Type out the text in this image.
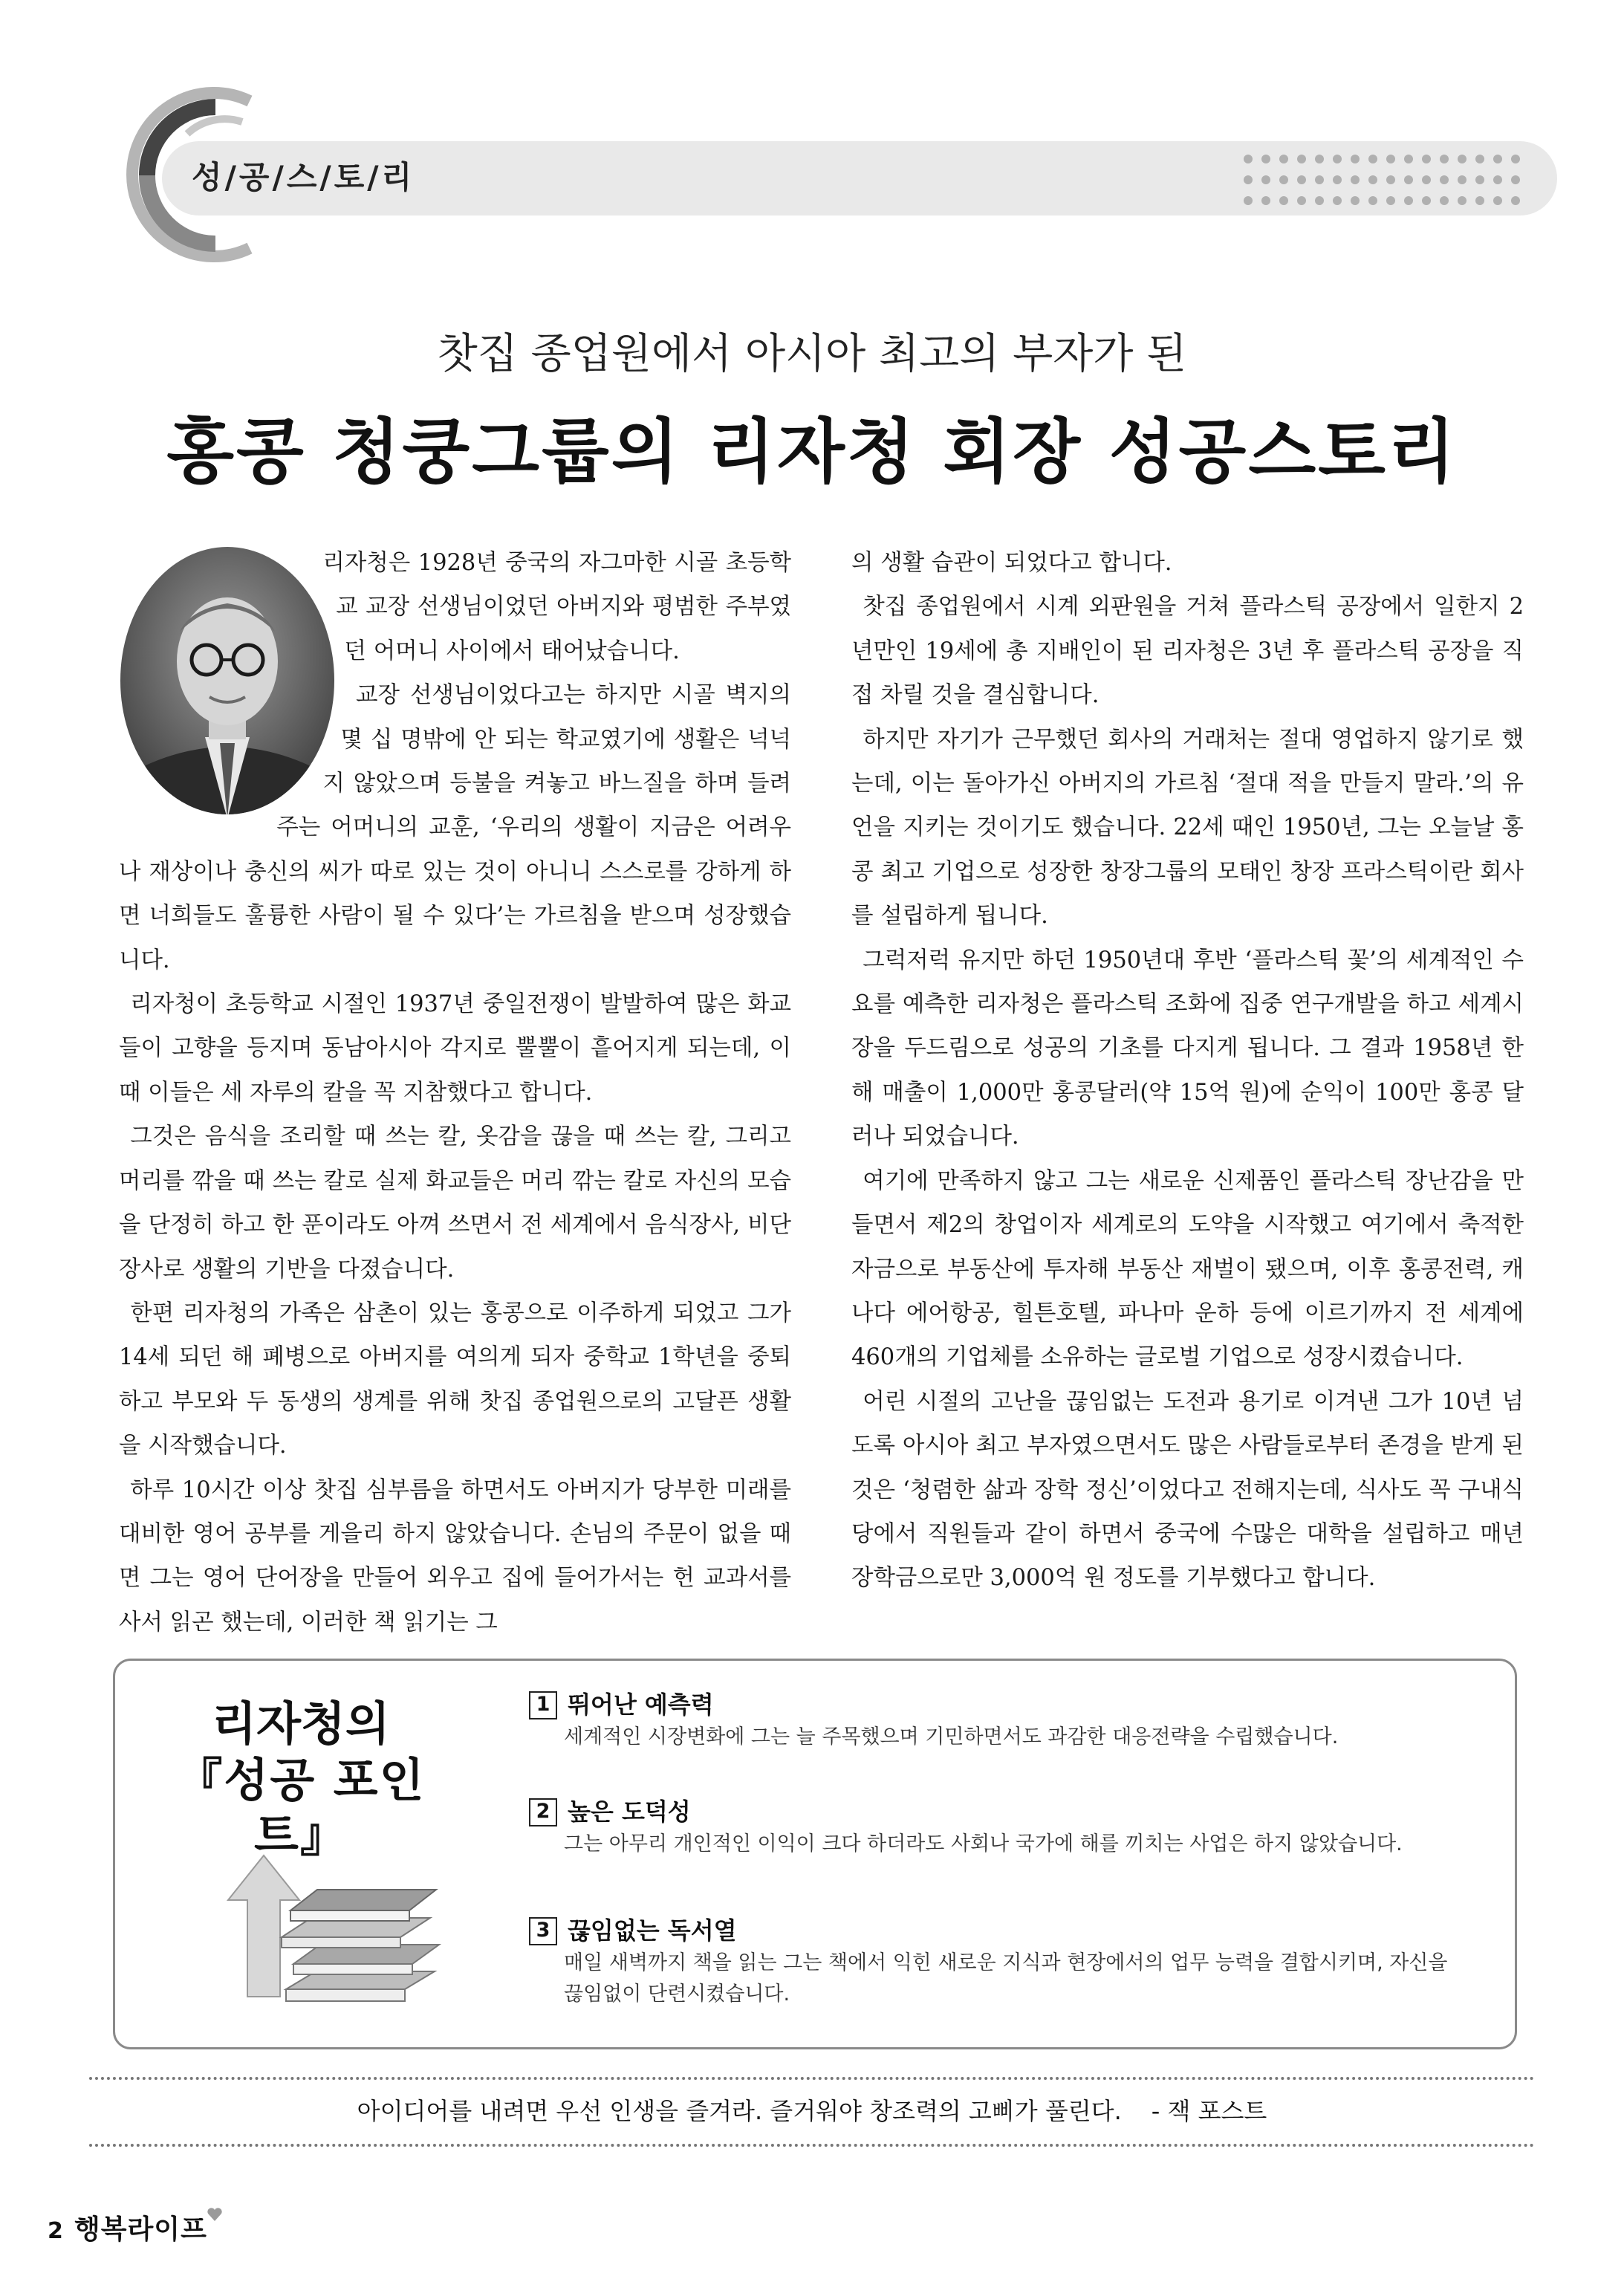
성/공/스/토/리
찻집 종업원에서 아시아 최고의 부자가 된
홍콩 청쿵그룹의 리자청 회장 성공스토리

리자청은 1928년 중국의 자그마한 시골 초등학교 교장 선생님이었던 아버지와 평범한 주부였던 어머니 사이에서 태어났습니다.

교장 선생님이었다고는 하지만 시골 벽지의 몇 십 명밖에 안 되는 학교였기에 생활은 넉넉지 않았으며 등불을 켜놓고 바느질을 하며 들려주는 어머니의 교훈, ‘우리의 생활이 지금은 어려우나 재상이나 충신의 씨가 따로 있는 것이 아니니 스스로를 강하게 하면 너희들도 훌륭한 사람이 될 수 있다’는 가르침을 받으며 성장했습니다.

리자청이 초등학교 시절인 1937년 중일전쟁이 발발하여 많은 화교들이 고향을 등지며 동남아시아 각지로 뿔뿔이 흩어지게 되는데, 이때 이들은 세 자루의 칼을 꼭 지참했다고 합니다.

그것은 음식을 조리할 때 쓰는 칼, 옷감을 끊을 때 쓰는 칼, 그리고 머리를 깎을 때 쓰는 칼로 실제 화교들은 머리 깎는 칼로 자신의 모습을 단정히 하고 한 푼이라도 아껴 쓰면서 전 세계에서 음식장사, 비단장사로 생활의 기반을 다졌습니다.

한편 리자청의 가족은 삼촌이 있는 홍콩으로 이주하게 되었고 그가 14세 되던 해 폐병으로 아버지를 여의게 되자 중학교 1학년을 중퇴하고 부모와 두 동생의 생계를 위해 찻집 종업원으로의 고달픈 생활을 시작했습니다.

하루 10시간 이상 찻집 심부름을 하면서도 아버지가 당부한 미래를 대비한 영어 공부를 게을리 하지 않았습니다. 손님의 주문이 없을 때면 그는 영어 단어장을 만들어 외우고 집에 들어가서는 헌 교과서를 사서 읽곤 했는데, 이러한 책 읽기는 그

의 생활 습관이 되었다고 합니다.

찻집 종업원에서 시계 외판원을 거쳐 플라스틱 공장에서 일한지 2년만인 19세에 총 지배인이 된 리자청은 3년 후 플라스틱 공장을 직접 차릴 것을 결심합니다.

하지만 자기가 근무했던 회사의 거래처는 절대 영업하지 않기로 했는데, 이는 돌아가신 아버지의 가르침 ‘절대 적을 만들지 말라.’의 유언을 지키는 것이기도 했습니다. 22세 때인 1950년, 그는 오늘날 홍콩 최고 기업으로 성장한 창장그룹의 모태인 창장 프라스틱이란 회사를 설립하게 됩니다.

그럭저럭 유지만 하던 1950년대 후반 ‘플라스틱 꽃’의 세계적인 수요를 예측한 리자청은 플라스틱 조화에 집중 연구개발을 하고 세계시장을 두드림으로 성공의 기초를 다지게 됩니다. 그 결과 1958년 한해 매출이 1,000만 홍콩달러(약 15억 원)에 순익이 100만 홍콩 달러나 되었습니다.

여기에 만족하지 않고 그는 새로운 신제품인 플라스틱 장난감을 만들면서 제2의 창업이자 세계로의 도약을 시작했고 여기에서 축적한 자금으로 부동산에 투자해 부동산 재벌이 됐으며, 이후 홍콩전력, 캐나다 에어항공, 힐튼호텔, 파나마 운하 등에 이르기까지 전 세계에 460개의 기업체를 소유하는 글로벌 기업으로 성장시켰습니다.

어린 시절의 고난을 끊임없는 도전과 용기로 이겨낸 그가 10년 넘도록 아시아 최고 부자였으면서도 많은 사람들로부터 존경을 받게 된 것은 ‘청렴한 삶과 장학 정신’이었다고 전해지는데, 식사도 꼭 구내식당에서 직원들과 같이 하면서 중국에 수많은 대학을 설립하고 매년 장학금으로만 3,000억 원 정도를 기부했다고 합니다.

리자청의
『성공 포인트』
1 뛰어난 예측력
세계적인 시장변화에 그는 늘 주목했으며 기민하면서도 과감한 대응전략을 수립했습니다.
2 높은 도덕성
그는 아무리 개인적인 이익이 크다 하더라도 사회나 국가에 해를 끼치는 사업은 하지 않았습니다.
3 끊임없는 독서열
매일 새벽까지 책을 읽는 그는 책에서 익힌 새로운 지식과 현장에서의 업무 능력을 결합시키며, 자신을 끊임없이 단련시켰습니다.
아이디어를 내려면 우선 인생을 즐겨라. 즐거워야 창조력의 고삐가 풀린다. - 잭 포스트
2 행복라이프
